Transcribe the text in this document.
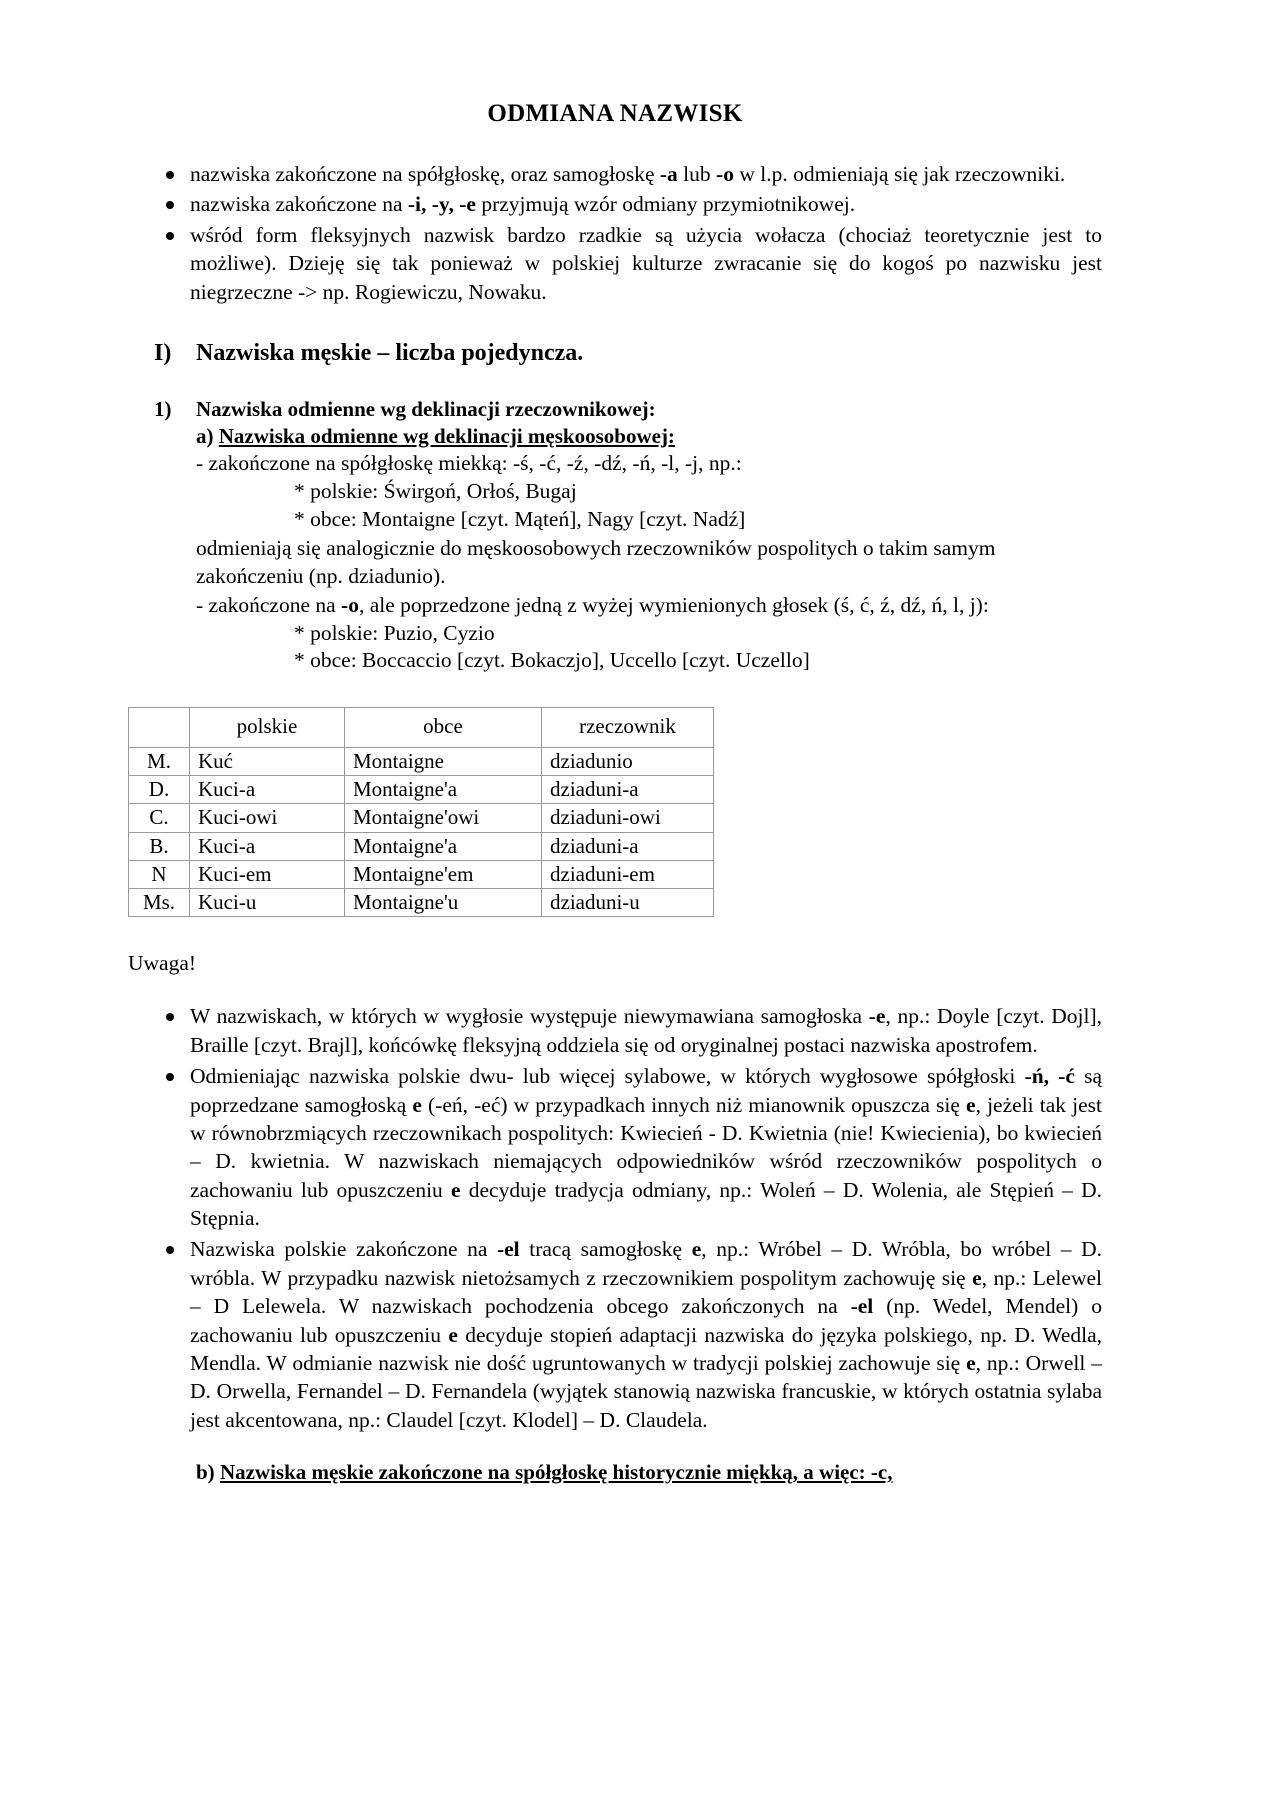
ODMIANA NAZWISK
nazwiska zakończone na spółgłoskę, oraz samogłoskę -a lub -o w l.p. odmieniają się jak rzeczowniki.
nazwiska zakończone na -i, -y, -e przyjmują wzór odmiany przymiotnikowej.
wśród form fleksyjnych nazwisk bardzo rzadkie są użycia wołacza (chociaż teoretycznie jest to możliwe). Dzieję się tak ponieważ w polskiej kulturze zwracanie się do kogoś po nazwisku jest niegrzeczne -> np. Rogiewiczu, Nowaku.
I)	Nazwiska męskie – liczba pojedyncza.
1)	Nazwiska odmienne wg deklinacji rzeczownikowej:
a) Nazwiska odmienne wg deklinacji męskoosobowej:
- zakończone na spółgłoskę miekką: -ś, -ć, -ź, -dź, -ń, -l, -j, np.:
* polskie: Świrgoń, Orłoś, Bugaj
* obce: Montaigne [czyt. Mąteń], Nagy [czyt. Nadź]
odmieniają się analogicznie do męskoosobowych rzeczowników pospolitych o takim samym zakończeniu (np. dziadunio).
- zakończone na -o, ale poprzedzone jedną z wyżej wymienionych głosek (ś, ć, ź, dź, ń, l, j):
* polskie: Puzio, Cyzio
* obce: Boccaccio [czyt. Bokaczjo], Uccello [czyt. Uczello]
	polskie	obce	rzeczownik
M.	Kuć	Montaigne	dziadunio
D.	Kuci-a	Montaigne'a	dziaduni-a
C.	Kuci-owi	Montaigne'owi	dziaduni-owi
B.	Kuci-a	Montaigne'a	dziaduni-a
N	Kuci-em	Montaigne'em	dziaduni-em
Ms.	Kuci-u	Montaigne'u	dziaduni-u
Uwaga!
W nazwiskach, w których w wygłosie występuje niewymawiana samogłoska -e, np.: Doyle [czyt. Dojl], Braille [czyt. Brajl], końcówkę fleksyjną oddziela się od oryginalnej postaci nazwiska apostrofem.
Odmieniając nazwiska polskie dwu- lub więcej sylabowe, w których wygłosowe spółgłoski -ń, -ć są poprzedzane samogłoską e (-eń, -eć) w przypadkach innych niż mianownik opuszcza się e, jeżeli tak jest w równobrzmiących rzeczownikach pospolitych: Kwiecień - D. Kwietnia (nie! Kwiecienia), bo kwiecień – D. kwietnia. W nazwiskach niemających odpowiedników wśród rzeczowników pospolitych o zachowaniu lub opuszczeniu e decyduje tradycja odmiany, np.: Woleń – D. Wolenia, ale Stępień – D. Stępnia.
Nazwiska polskie zakończone na -el tracą samogłoskę e, np.: Wróbel – D. Wróbla, bo wróbel – D. wróbla. W przypadku nazwisk nietożsamych z rzeczownikiem pospolitym zachowuję się e, np.: Lelewel – D Lelewela. W nazwiskach pochodzenia obcego zakończonych na -el (np. Wedel, Mendel) o zachowaniu lub opuszczeniu e decyduje stopień adaptacji nazwiska do języka polskiego, np. D. Wedla, Mendla. W odmianie nazwisk nie dość ugruntowanych w tradycji polskiej zachowuje się e, np.: Orwell – D. Orwella, Fernandel – D. Fernandela (wyjątek stanowią nazwiska francuskie, w których ostatnia sylaba jest akcentowana, np.: Claudel [czyt. Klodel] – D. Claudela.
b) Nazwiska męskie zakończone na spółgłoskę historycznie miękką, a więc: -c,
